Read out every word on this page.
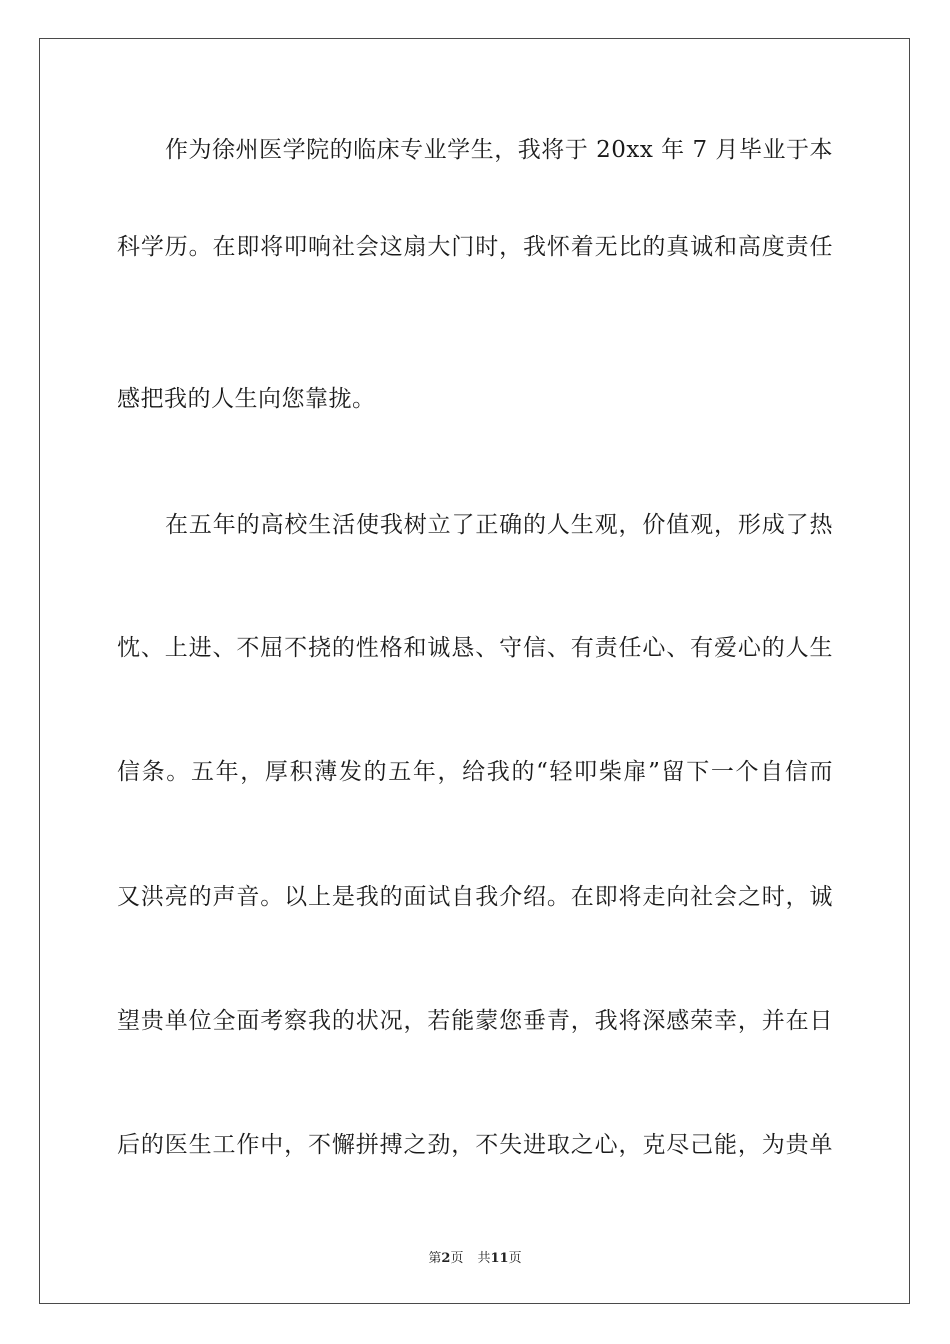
作为徐州医学院的临床专业学生，我将于 20xx 年 7 月毕业于本
科学历。在即将叩响社会这扇大门时，我怀着无比的真诚和高度责任
感把我的人生向您靠拢。
在五年的高校生活使我树立了正确的人生观，价值观，形成了热
忱、上进、不屈不挠的性格和诚恳、守信、有责任心、有爱心的人生
信条。五年，厚积薄发的五年，给我的“轻叩柴扉”留下一个自信而
又洪亮的声音。以上是我的面试自我介绍。在即将走向社会之时，诚
望贵单位全面考察我的状况，若能蒙您垂青，我将深感荣幸，并在日
后的医生工作中，不懈拼搏之劲，不失进取之心，克尽己能，为贵单
第2页 共11页
